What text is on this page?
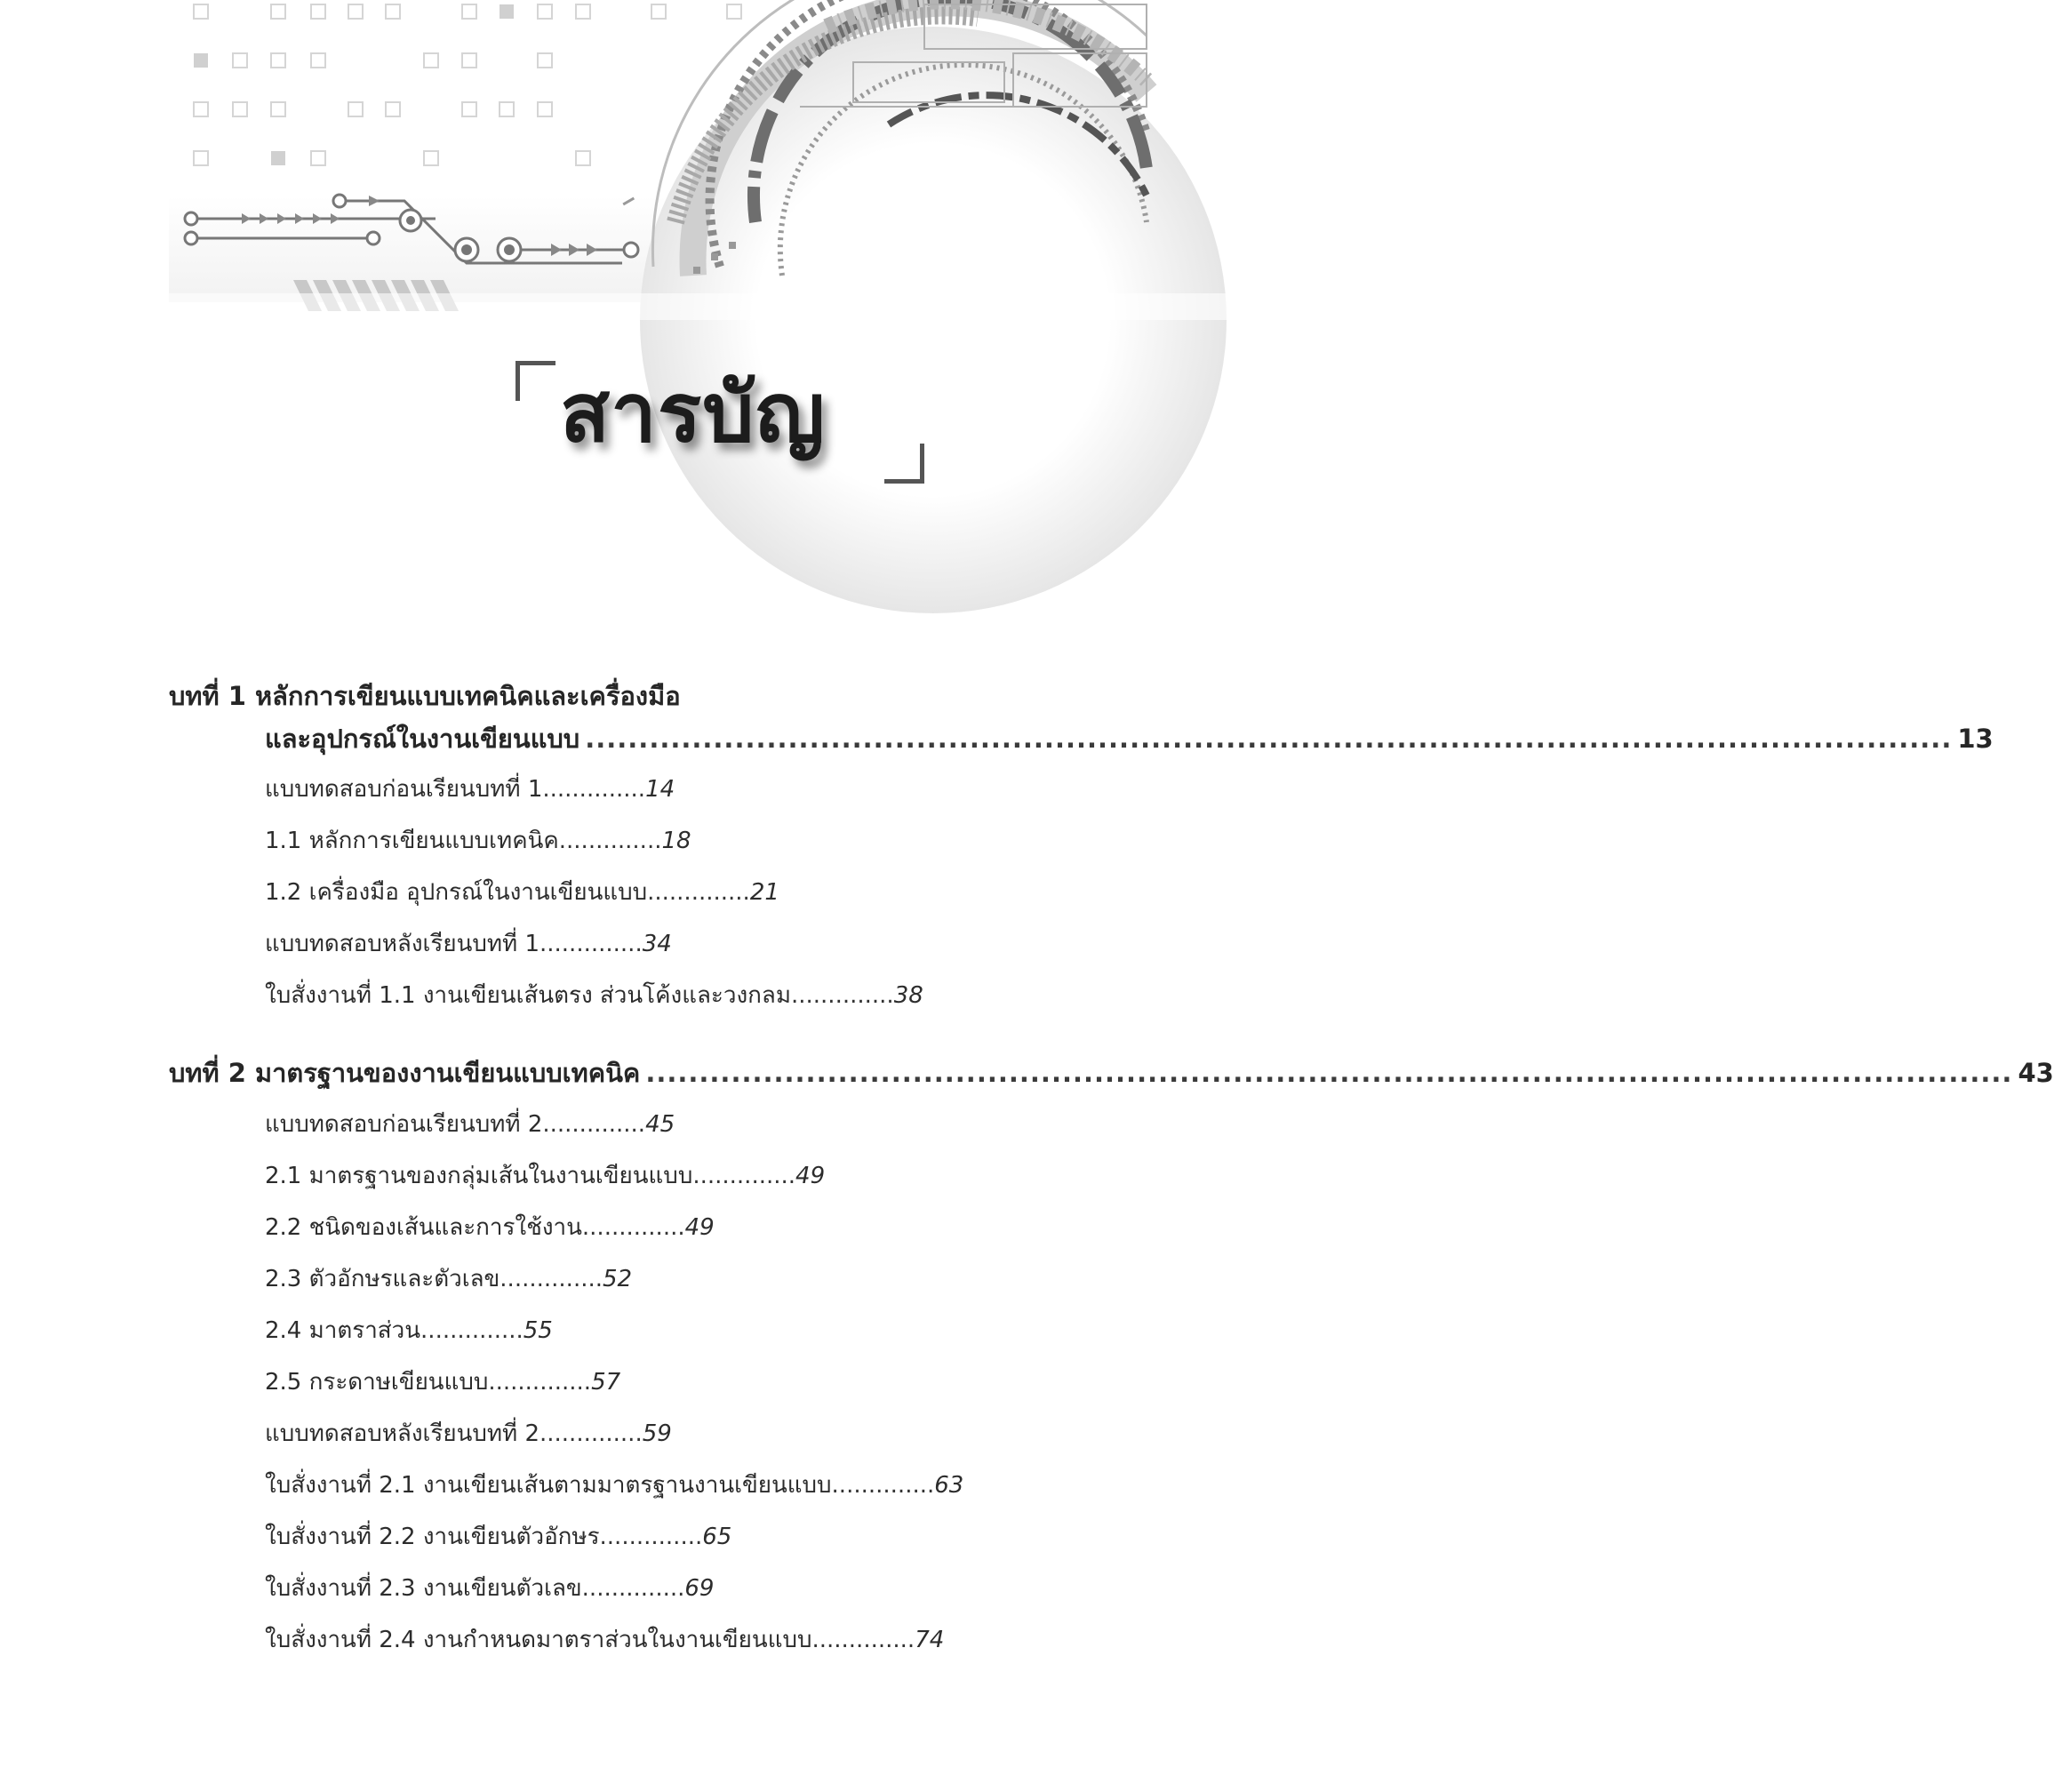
สารบัญ
บทที่ 1 หลักการเขียนแบบเทคนิคและเครื่องมือ
และอุปกรณ์ในงานเขียนแบบ ................................................................................................................................ 13
แบบทดสอบก่อนเรียนบทที่ 1..............14
1.1 หลักการเขียนแบบเทคนิค..............18
1.2 เครื่องมือ อุปกรณ์ในงานเขียนแบบ..............21
แบบทดสอบหลังเรียนบทที่ 1..............34
ใบสั่งงานที่ 1.1 งานเขียนเส้นตรง ส่วนโค้งและวงกลม..............38
บทที่ 2 มาตรฐานของงานเขียนแบบเทคนิค ................................................................................................................................ 43
แบบทดสอบก่อนเรียนบทที่ 2..............45
2.1 มาตรฐานของกลุ่มเส้นในงานเขียนแบบ..............49
2.2 ชนิดของเส้นและการใช้งาน..............49
2.3 ตัวอักษรและตัวเลข..............52
2.4 มาตราส่วน..............55
2.5 กระดาษเขียนแบบ..............57
แบบทดสอบหลังเรียนบทที่ 2..............59
ใบสั่งงานที่ 2.1 งานเขียนเส้นตามมาตรฐานงานเขียนแบบ..............63
ใบสั่งงานที่ 2.2 งานเขียนตัวอักษร..............65
ใบสั่งงานที่ 2.3 งานเขียนตัวเลข..............69
ใบสั่งงานที่ 2.4 งานกำหนดมาตราส่วนในงานเขียนแบบ..............74
